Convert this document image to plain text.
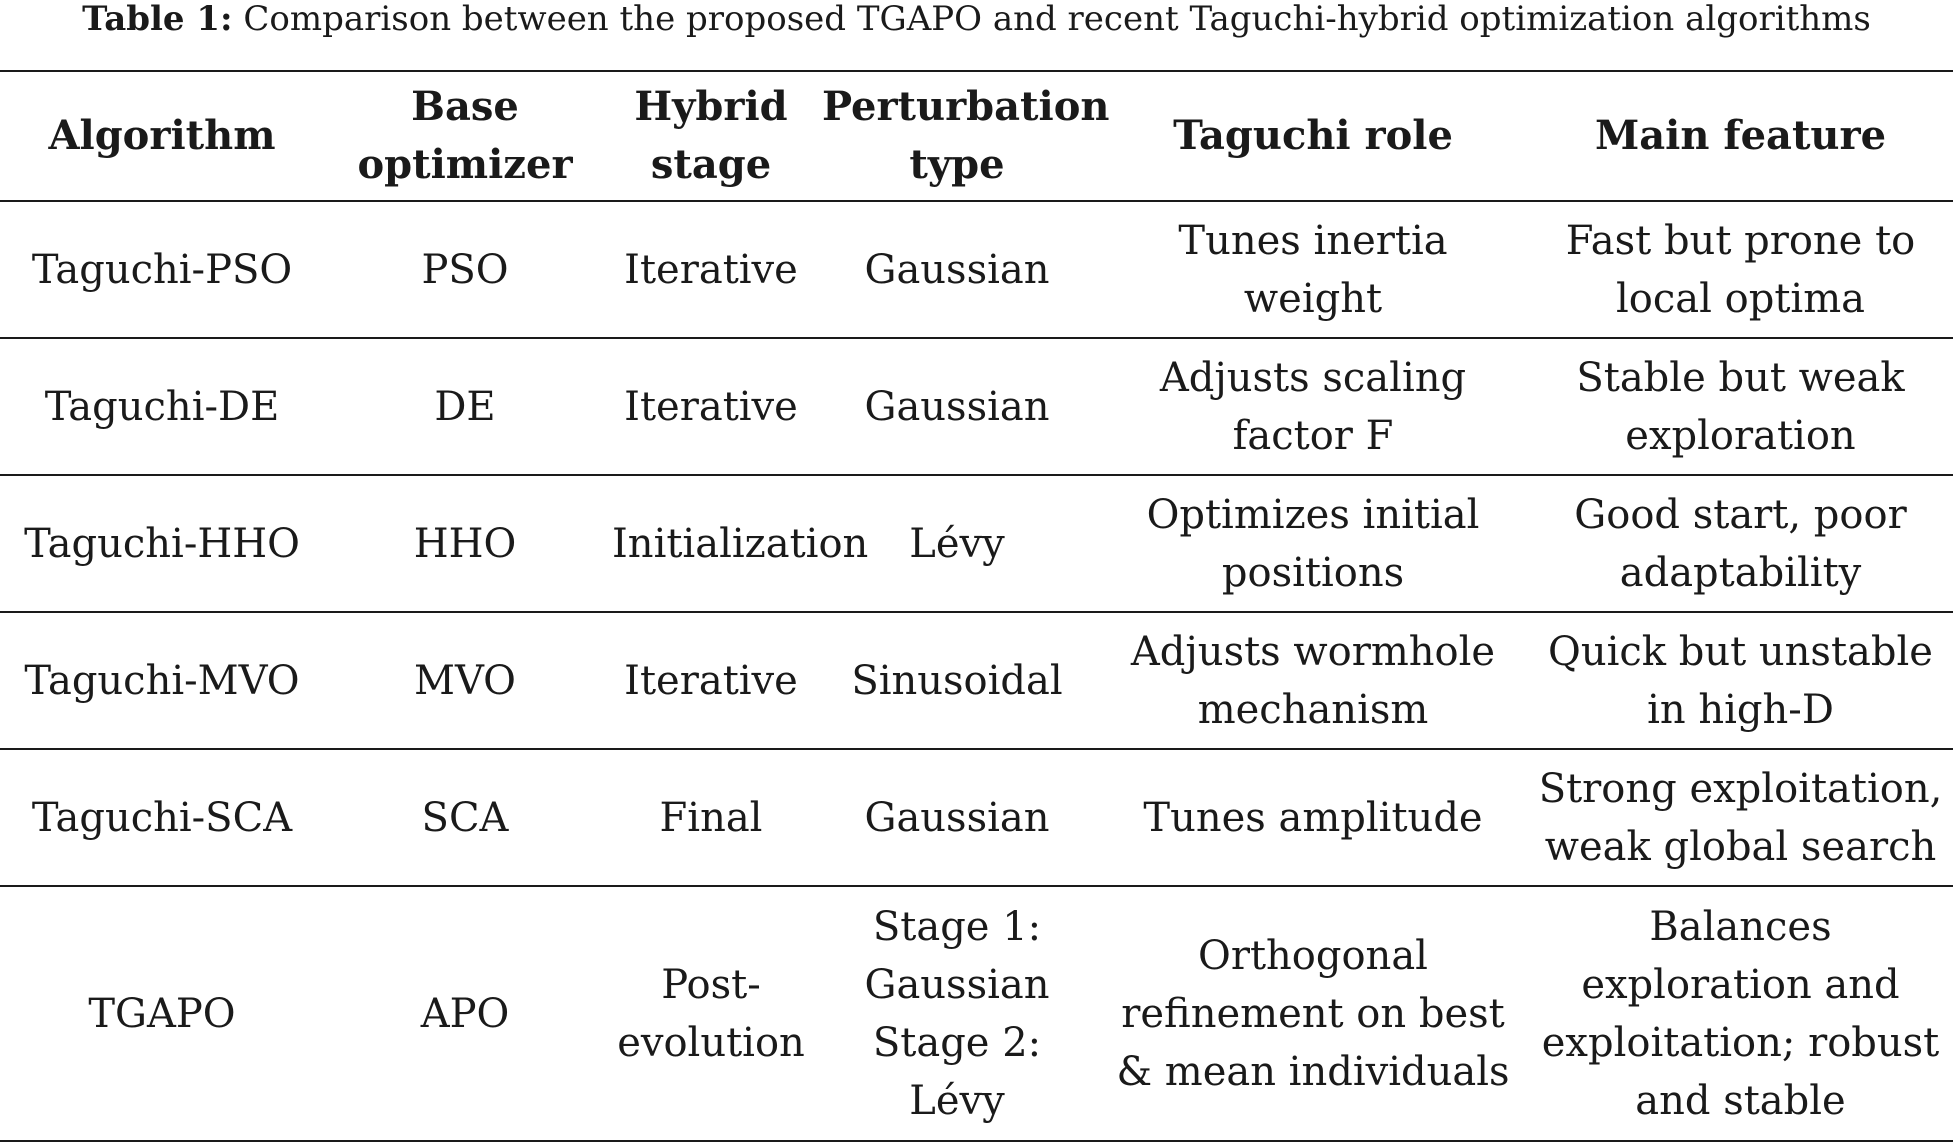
Table 1: Comparison between the proposed TGAPO and recent Taguchi-hybrid optimization algorithms
Algorithm	Base optimizer	Hybrid stage	Perturbation type	Taguchi role	Main feature
Taguchi-PSO	PSO	Iterative	Gaussian	Tunes inertia weight	Fast but prone to local optima
Taguchi-DE	DE	Iterative	Gaussian	Adjusts scaling factor F	Stable but weak exploration
Taguchi-HHO	HHO	Initialization	Lévy	Optimizes initial positions	Good start, poor adaptability
Taguchi-MVO	MVO	Iterative	Sinusoidal	Adjusts wormhole mechanism	Quick but unstable in high-D
Taguchi-SCA	SCA	Final	Gaussian	Tunes amplitude	Strong exploitation, weak global search
TGAPO	APO	Post-evolution	Stage 1: Gaussian Stage 2: Lévy	Orthogonal refinement on best & mean individuals	Balances exploration and exploitation; robust and stable
